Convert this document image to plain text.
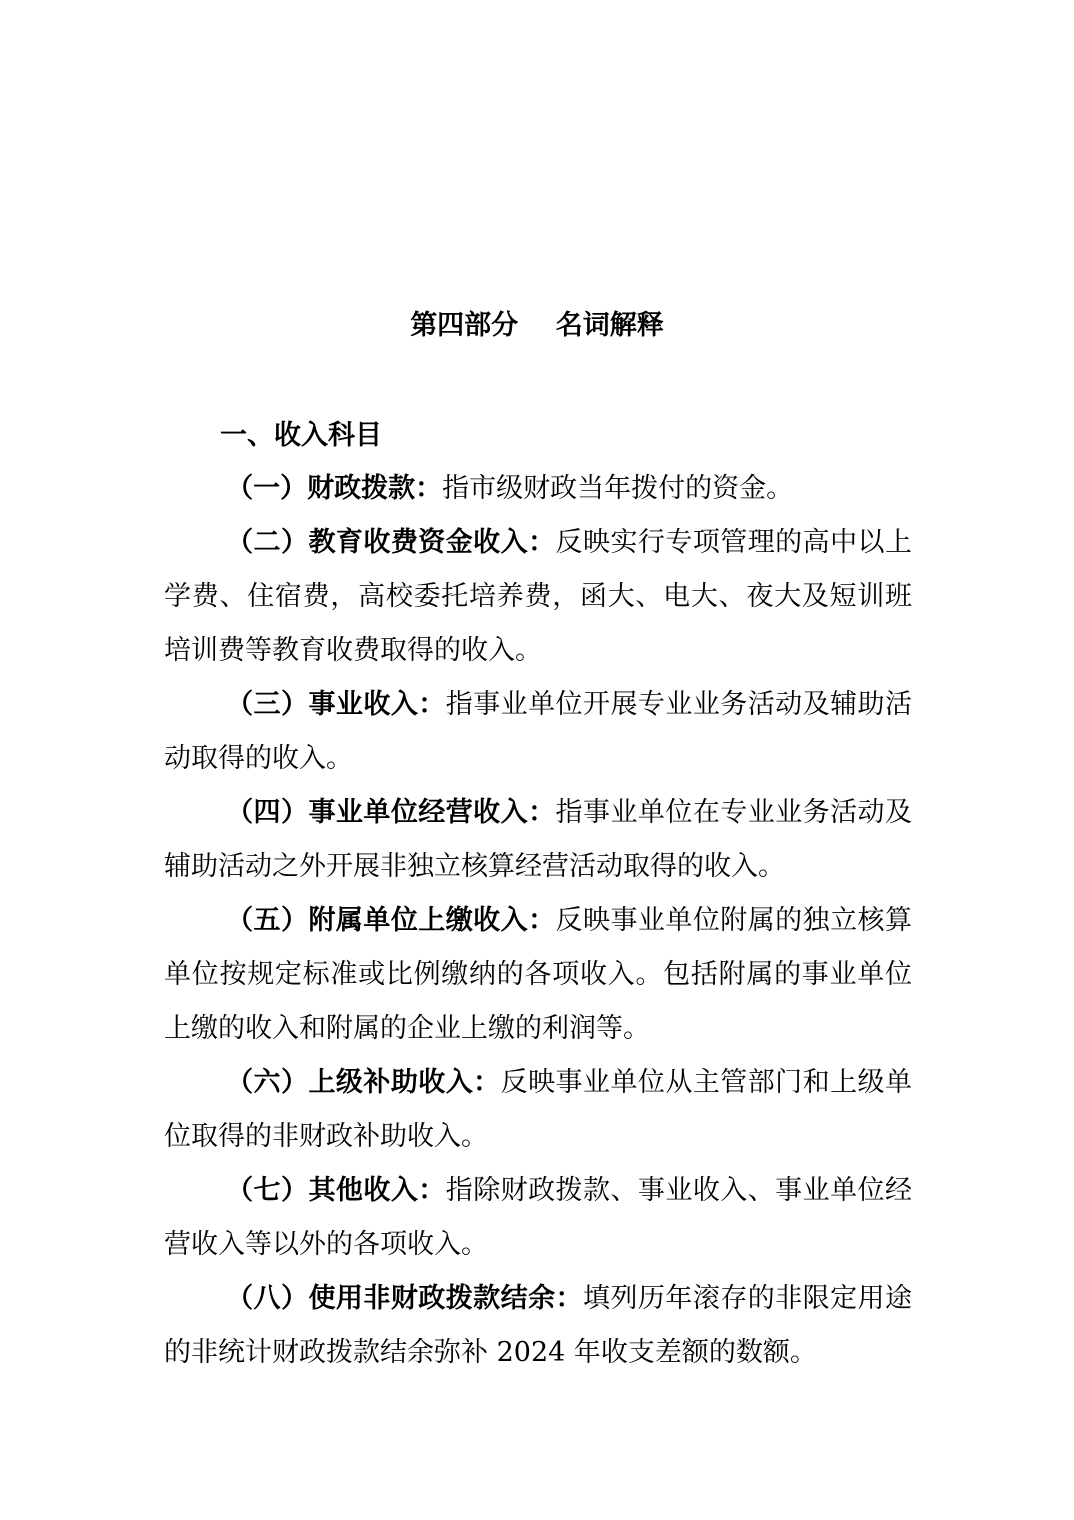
第四部分    名词解释
一、收入科目

（一）财政拨款：指市级财政当年拨付的资金。

（二）教育收费资金收入：反映实行专项管理的高中以上学费、住宿费，高校委托培养费，函大、电大、夜大及短训班培训费等教育收费取得的收入。

（三）事业收入：指事业单位开展专业业务活动及辅助活动取得的收入。

（四）事业单位经营收入：指事业单位在专业业务活动及辅助活动之外开展非独立核算经营活动取得的收入。

（五）附属单位上缴收入：反映事业单位附属的独立核算单位按规定标准或比例缴纳的各项收入。包括附属的事业单位上缴的收入和附属的企业上缴的利润等。

（六）上级补助收入：反映事业单位从主管部门和上级单位取得的非财政补助收入。

（七）其他收入：指除财政拨款、事业收入、事业单位经营收入等以外的各项收入。

（八）使用非财政拨款结余：填列历年滚存的非限定用途的非统计财政拨款结余弥补 2024 年收支差额的数额。
